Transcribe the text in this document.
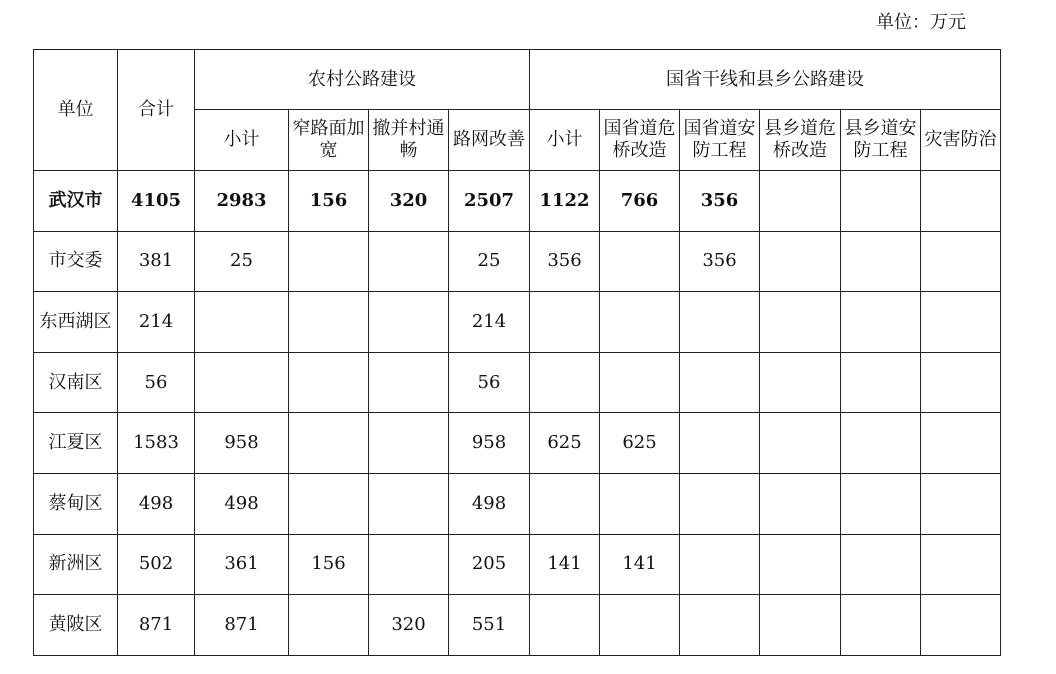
单位：万元
单位	合计	农村公路建设				国省干线和县乡公路建设					
		小计	窄路面加宽	撤并村通畅	路网改善	小计	国省道危桥改造	国省道安防工程	县乡道危桥改造	县乡道安防工程	灾害防治
武汉市	4105	2983	156	320	2507	1122	766	356			
市交委	381	25			25	356		356			
东西湖区	214				214						
汉南区	56				56						
江夏区	1583	958			958	625	625				
蔡甸区	498	498			498						
新洲区	502	361	156		205	141	141				
黄陂区	871	871		320	551						
